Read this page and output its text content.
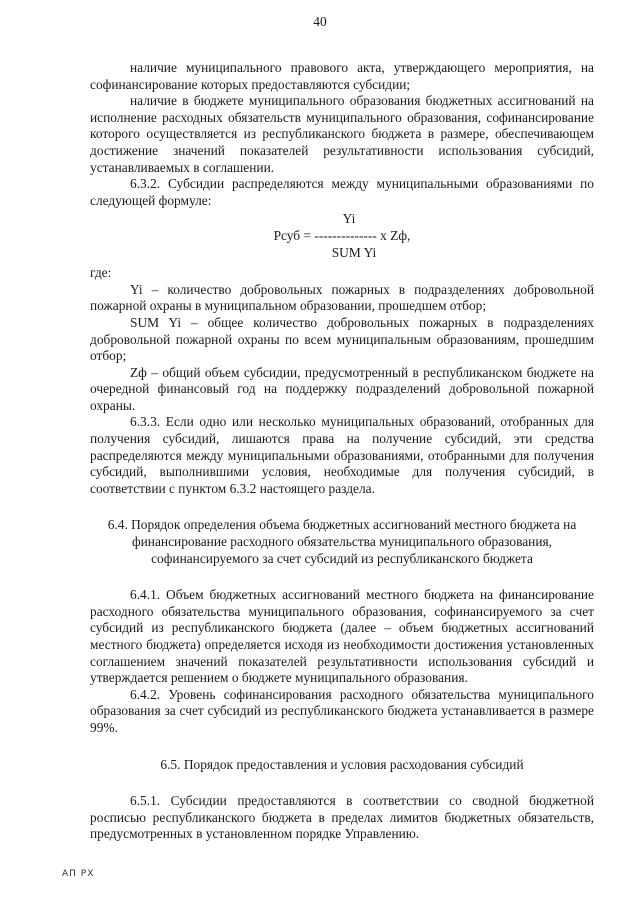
40

наличие муниципального правового акта, утверждающего мероприятия, на софинансирование которых предоставляются субсидии;

наличие в бюджете муниципального образования бюджетных ассигнований на исполнение расходных обязательств муниципального образования, софинансирование которого осуществляется из республиканского бюджета в размере, обеспечивающем достижение значений показателей результативности использования субсидий, устанавливаемых в соглашении.

6.3.2. Субсидии распределяются между муниципальными образованиями по следующей формуле:

Yi
Рсуб = -------------- х Zф,
SUM Yi

где:

Yi – количество добровольных пожарных в подразделениях добровольной пожарной охраны в муниципальном образовании, прошедшем отбор;

SUM Yi – общее количество добровольных пожарных в подразделениях добровольной пожарной охраны по всем муниципальным образованиям, прошедшим отбор;

Zф – общий объем субсидии, предусмотренный в республиканском бюджете на очередной финансовый год на поддержку подразделений добровольной пожарной охраны.

6.3.3. Если одно или несколько муниципальных образований, отобранных для получения субсидий, лишаются права на получение субсидий, эти средства распределяются между муниципальными образованиями, отобранными для получения субсидий, выполнившими условия, необходимые для получения субсидий, в соответствии с пунктом 6.3.2 настоящего раздела.

6.4. Порядок определения объема бюджетных ассигнований местного бюджета на
финансирование расходного обязательства муниципального образования,
софинансируемого за счет субсидий из республиканского бюджета

6.4.1. Объем бюджетных ассигнований местного бюджета на финансирование расходного обязательства муниципального образования, софинансируемого за счет субсидий из республиканского бюджета (далее – объем бюджетных ассигнований местного бюджета) определяется исходя из необходимости достижения установленных соглашением значений показателей результативности использования субсидий и утверждается решением о бюджете муниципального образования.

6.4.2. Уровень софинансирования расходного обязательства муниципального образования за счет субсидий из республиканского бюджета устанавливается в размере 99%.

6.5. Порядок предоставления и условия расходования субсидий

6.5.1. Субсидии предоставляются в соответствии со сводной бюджетной росписью республиканского бюджета в пределах лимитов бюджетных обязательств, предусмотренных в установленном порядке Управлению.

АП РХ
